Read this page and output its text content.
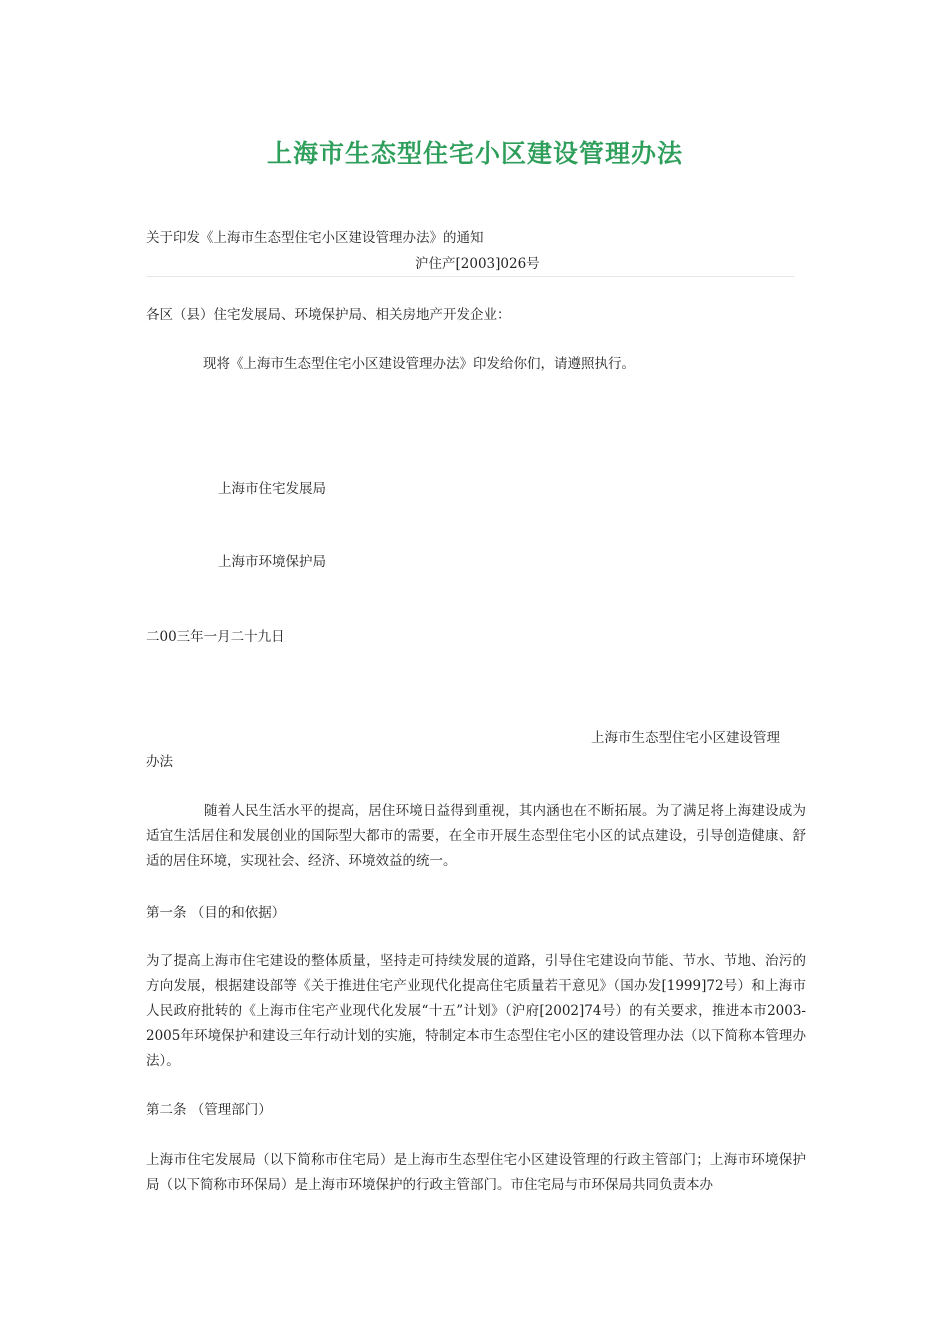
上海市生态型住宅小区建设管理办法
关于印发《上海市生态型住宅小区建设管理办法》的通知
沪住产[2003]026号
各区（县）住宅发展局、环境保护局、相关房地产开发企业：
现将《上海市生态型住宅小区建设管理办法》印发给你们，请遵照执行。
上海市住宅发展局
上海市环境保护局
二00三年一月二十九日
上海市生态型住宅小区建设管理
办法
随着人民生活水平的提高，居住环境日益得到重视，其内涵也在不断拓展。为了满足将上海建设成为适宜生活居住和发展创业的国际型大都市的需要，在全市开展生态型住宅小区的试点建设，引导创造健康、舒适的居住环境，实现社会、经济、环境效益的统一。
第一条 （目的和依据）
为了提高上海市住宅建设的整体质量，坚持走可持续发展的道路，引导住宅建设向节能、节水、节地、治污的方向发展，根据建设部等《关于推进住宅产业现代化提高住宅质量若干意见》（国办发[1999]72号）和上海市人民政府批转的《上海市住宅产业现代化发展“十五”计划》（沪府[2002]74号）的有关要求，推进本市2003-2005年环境保护和建设三年行动计划的实施，特制定本市生态型住宅小区的建设管理办法（以下简称本管理办法）。
第二条 （管理部门）
上海市住宅发展局（以下简称市住宅局）是上海市生态型住宅小区建设管理的行政主管部门；上海市环境保护局（以下简称市环保局）是上海市环境保护的行政主管部门。市住宅局与市环保局共同负责本办
